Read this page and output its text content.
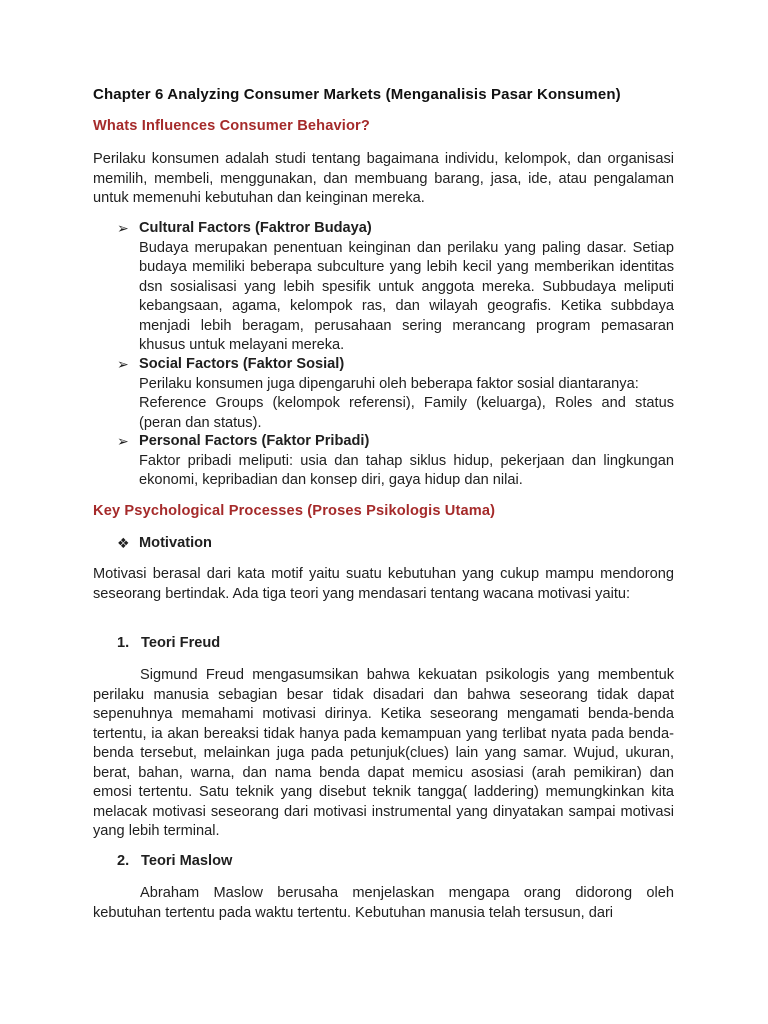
Chapter 6 Analyzing Consumer Markets (Menganalisis Pasar Konsumen)
Whats Influences Consumer Behavior?

Perilaku konsumen adalah studi tentang bagaimana individu, kelompok, dan organisasi memilih, membeli, menggunakan, dan membuang barang, jasa, ide, atau pengalaman untuk memenuhi kebutuhan dan keinginan mereka.

➢ Cultural Factors (Faktror Budaya)

Budaya merupakan penentuan keinginan dan perilaku yang paling dasar. Setiap budaya memiliki beberapa subculture yang lebih kecil yang memberikan identitas dsn sosialisasi yang lebih spesifik untuk anggota mereka. Subbudaya meliputi kebangsaan, agama, kelompok ras, dan wilayah geografis. Ketika subbdaya menjadi lebih beragam, perusahaan sering merancang program pemasaran khusus untuk melayani mereka.

➢ Social Factors (Faktor Sosial)

Perilaku konsumen juga dipengaruhi oleh beberapa faktor sosial diantaranya:
Reference Groups (kelompok referensi), Family (keluarga), Roles and status (peran dan status).

➢ Personal Factors (Faktor Pribadi)

Faktor pribadi meliputi: usia dan tahap siklus hidup, pekerjaan dan lingkungan ekonomi, kepribadian dan konsep diri, gaya hidup dan nilai.

Key Psychological Processes (Proses Psikologis Utama)
❖ Motivation

Motivasi berasal dari kata motif yaitu suatu kebutuhan yang cukup mampu mendorong seseorang bertindak. Ada tiga teori yang mendasari tentang wacana motivasi yaitu:

1. Teori Freud

Sigmund Freud mengasumsikan bahwa kekuatan psikologis yang membentuk perilaku manusia sebagian besar tidak disadari dan bahwa seseorang tidak dapat sepenuhnya memahami motivasi dirinya. Ketika seseorang mengamati benda-benda tertentu, ia akan bereaksi tidak hanya pada kemampuan yang terlibat nyata pada benda-benda tersebut, melainkan juga pada petunjuk(clues) lain yang samar. Wujud, ukuran, berat, bahan, warna, dan nama benda dapat memicu asosiasi (arah pemikiran) dan emosi tertentu. Satu teknik yang disebut teknik tangga( laddering) memungkinkan kita melacak motivasi seseorang dari motivasi instrumental yang dinyatakan sampai motivasi yang lebih terminal.

2. Teori Maslow

Abraham Maslow berusaha menjelaskan mengapa orang didorong oleh kebutuhan tertentu pada waktu tertentu. Kebutuhan manusia telah tersusun, dari
